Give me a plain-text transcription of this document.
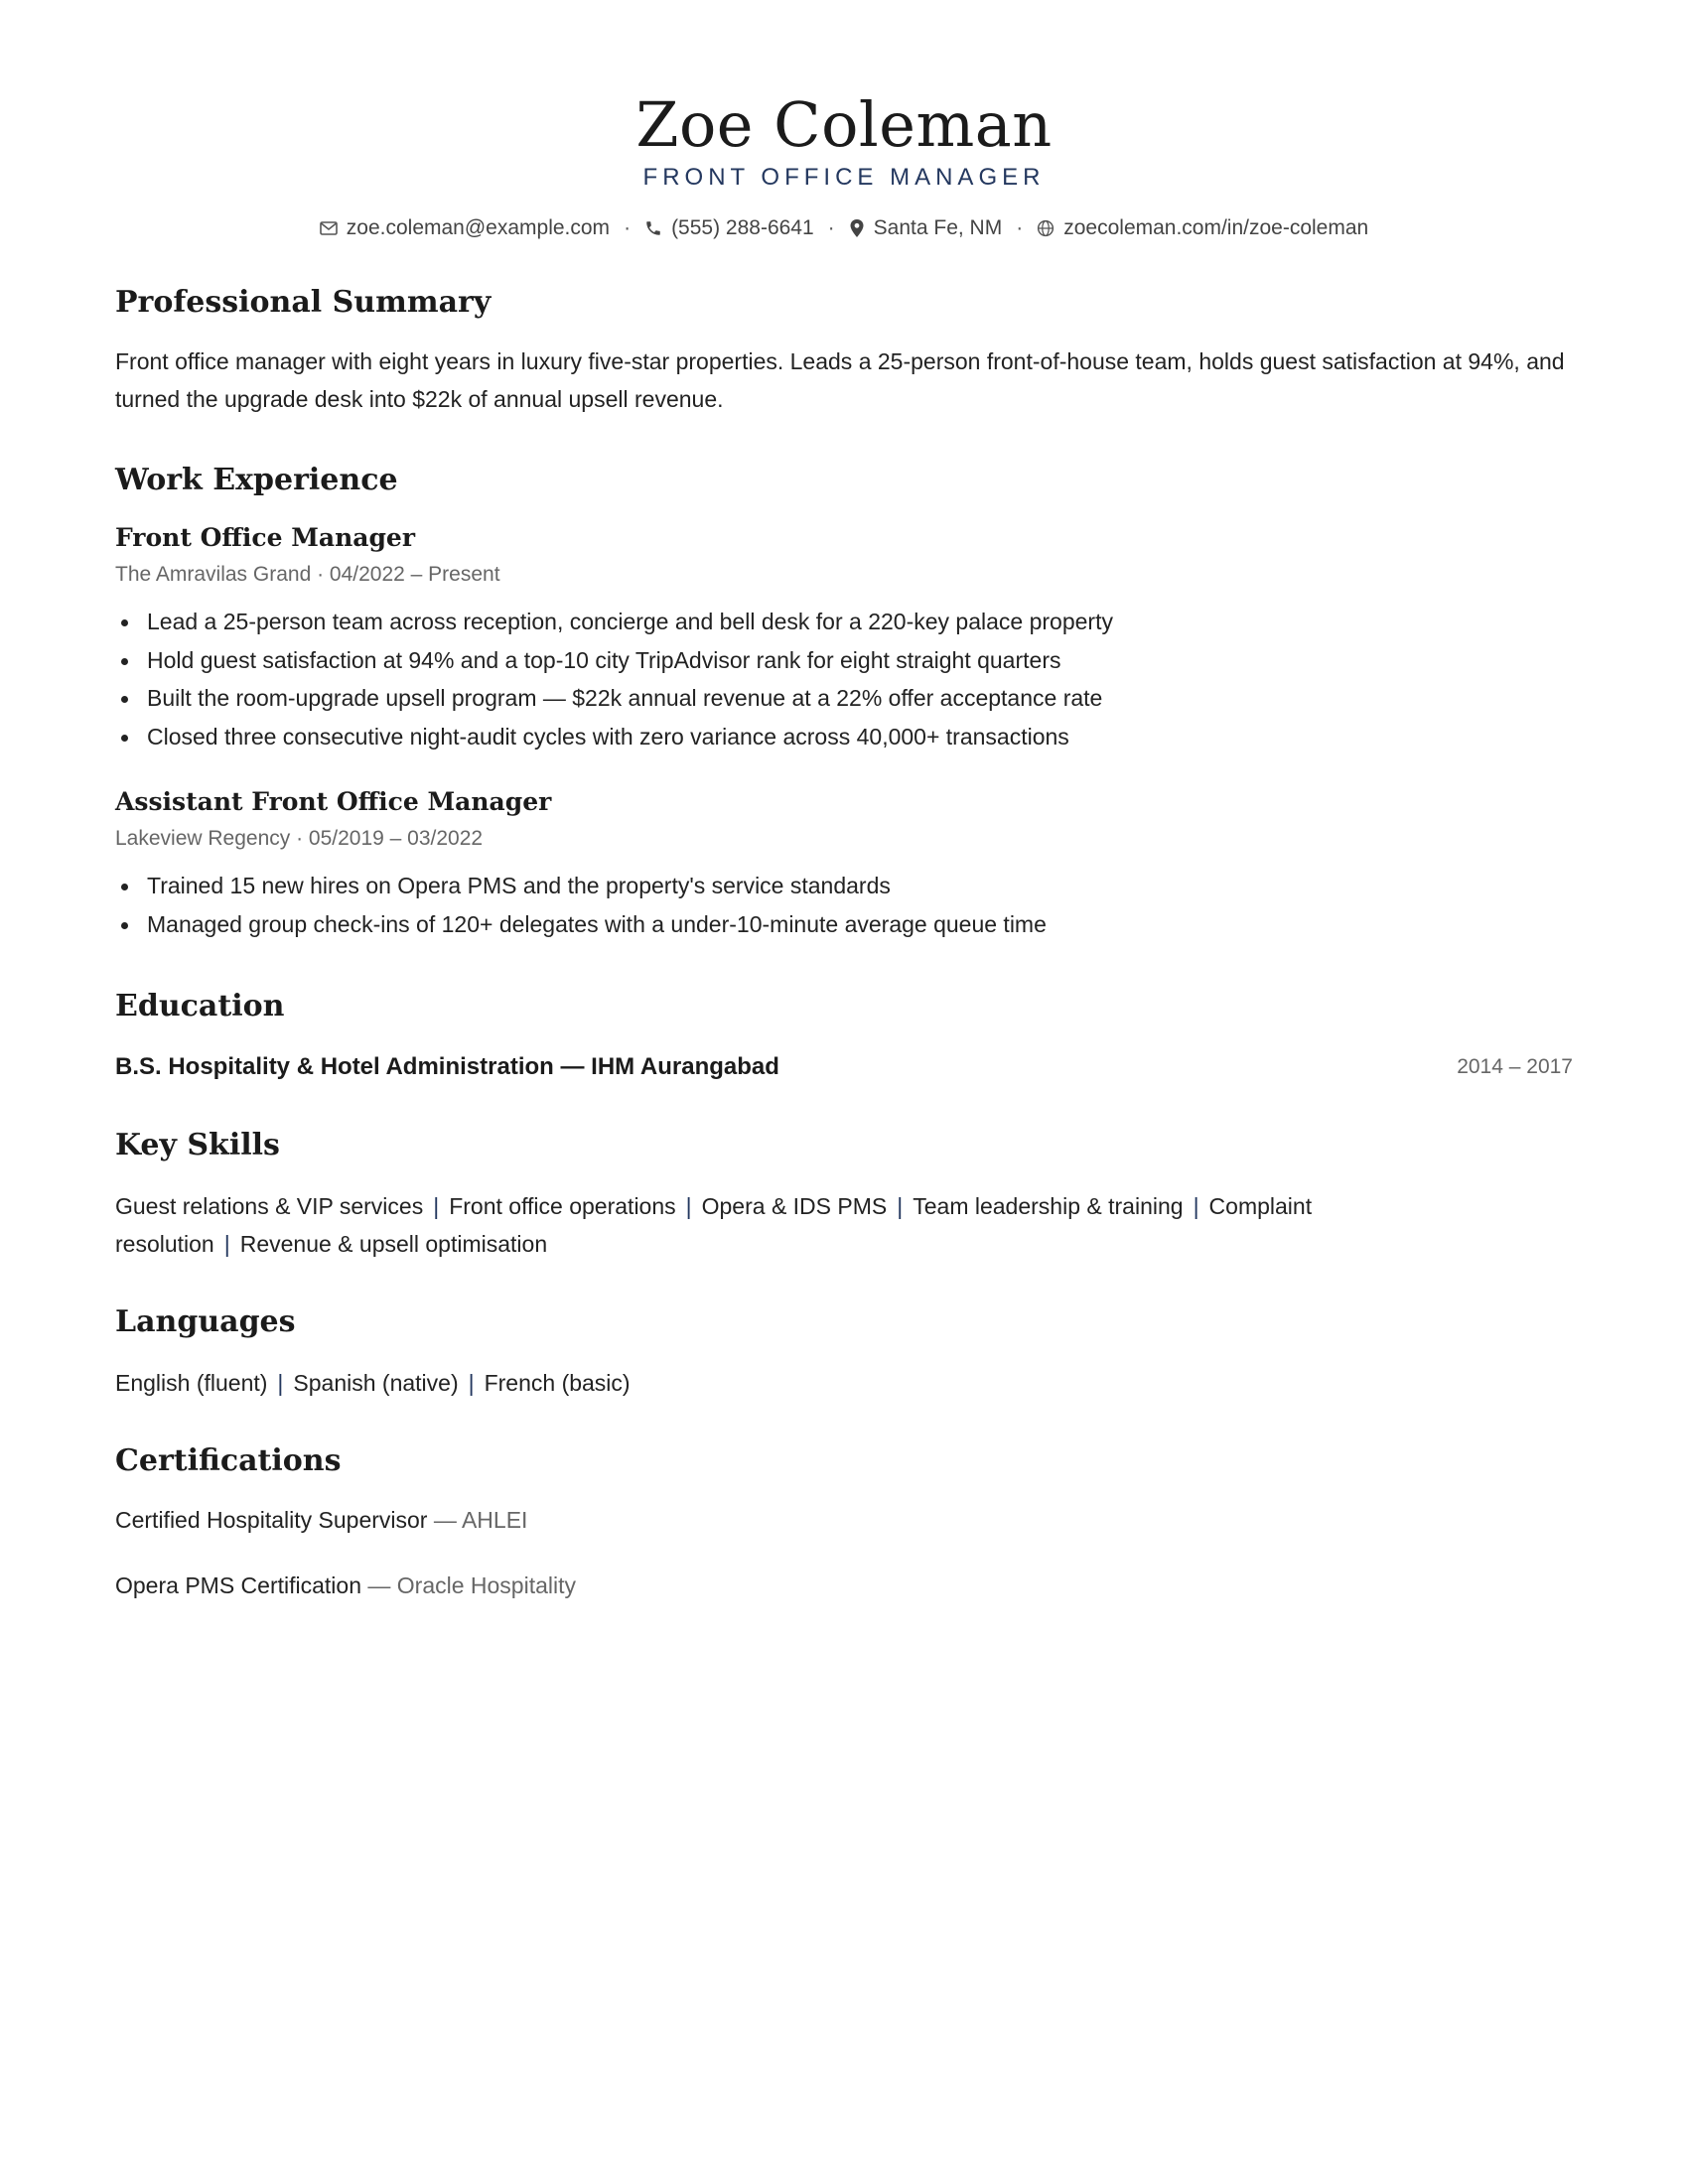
Zoe Coleman
FRONT OFFICE MANAGER
zoe.coleman@example.com · (555) 288-6641 · Santa Fe, NM · zoecoleman.com/in/zoe-coleman
Professional Summary

Front office manager with eight years in luxury five-star properties. Leads a 25-person front-of-house team, holds guest satisfaction at 94%, and turned the upgrade desk into $22k of annual upsell revenue.

Work Experience
Front Office Manager
The Amravilas Grand · 04/2022 – Present
Lead a 25-person team across reception, concierge and bell desk for a 220-key palace property
Hold guest satisfaction at 94% and a top-10 city TripAdvisor rank for eight straight quarters
Built the room-upgrade upsell program — $22k annual revenue at a 22% offer acceptance rate
Closed three consecutive night-audit cycles with zero variance across 40,000+ transactions
Assistant Front Office Manager
Lakeview Regency · 05/2019 – 03/2022
Trained 15 new hires on Opera PMS and the property's service standards
Managed group check-ins of 120+ delegates with a under-10-minute average queue time
Education
B.S. Hospitality & Hotel Administration — IHM Aurangabad	2014 – 2017
Key Skills
Guest relations & VIP services | Front office operations | Opera & IDS PMS | Team leadership & training | Complaint resolution | Revenue & upsell optimisation
Languages
English (fluent) | Spanish (native) | French (basic)
Certifications
Certified Hospitality Supervisor — AHLEI
Opera PMS Certification — Oracle Hospitality
